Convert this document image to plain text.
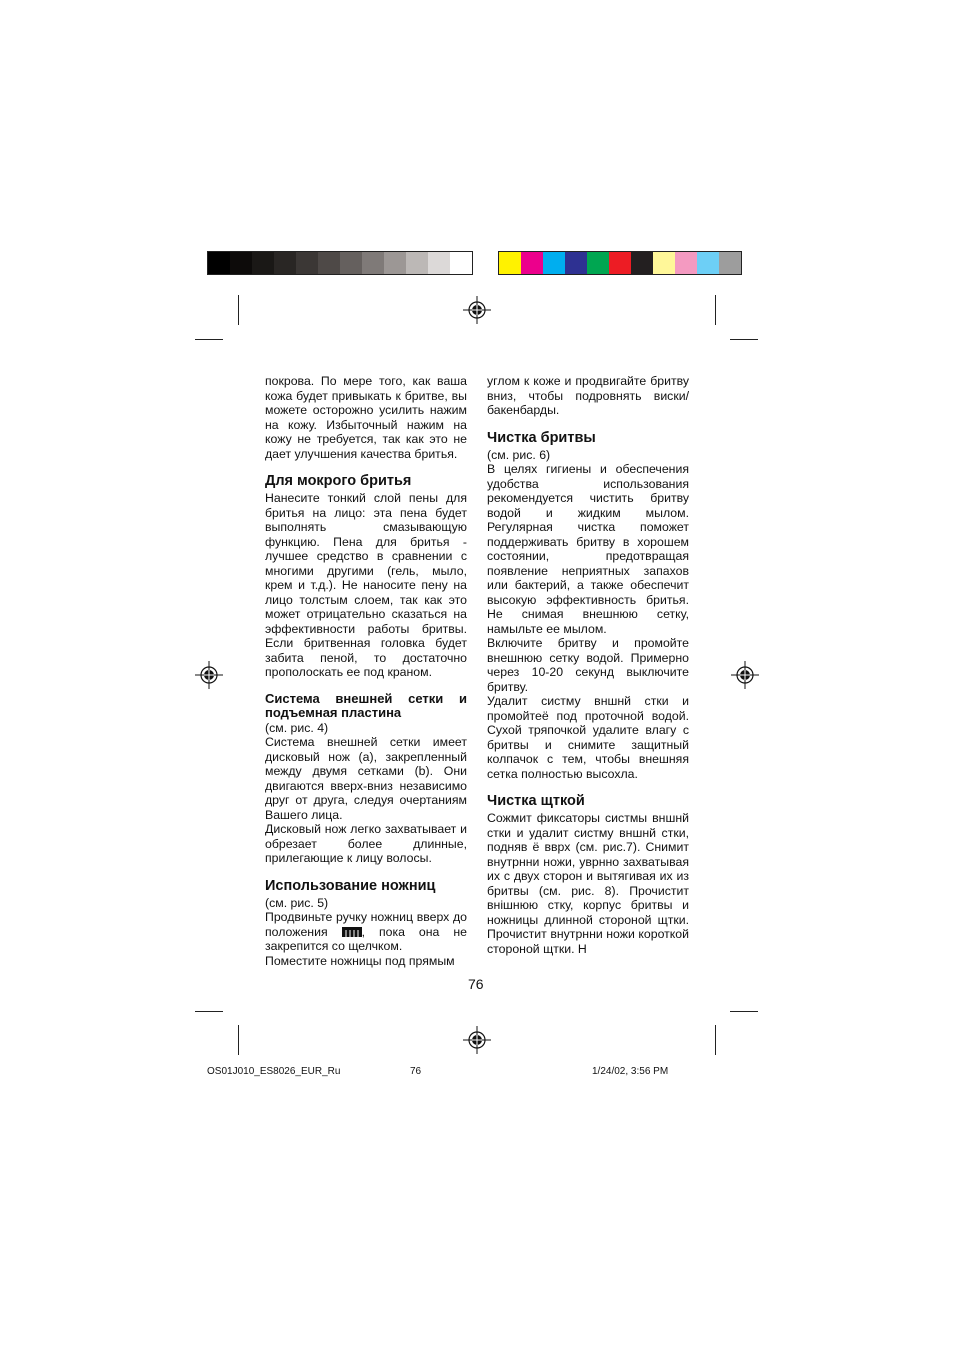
покрова. По мере того, как ваша кожа будет привыкать к бритве, вы можете осторожно усилить нажим на кожу. Избыточный нажим на кожу не требуется, так как это не дает улучшения качества бритья.

Для мокрого бритья

Нанесите тонкий слой пены для бритья на лицо: эта пена будет выполнять смазывающую функцию. Пена для бритья - лучшее средство в сравнении с многими другими (гель, мыло, крем и т.д.). Не наносите пену на лицо толстым слоем, так как это может отрицательно сказаться на эффективности работы бритвы. Если бритвенная головка будет забита пеной, то достаточно прополоскать ее под краном.

Система внешней сетки и подъемная пластина

(см. рис. 4)

Система внешней сетки имеет дисковый нож (a), закрепленный между двумя сетками (b). Они двигаются вверх-вниз независимо друг от друга, следуя очертаниям Вашего лица.

Дисковый нож легко захватывает и обрезает более длинные, прилегающие к лицу волосы.

Использование ножниц

(см. рис. 5)

Продвиньте ручку ножниц вверх до положения	, пока она не закрепится со щелчком.

Поместите ножницы под прямым

углом к коже и продвигайте бритву вниз, чтобы подровнять виски/ бакенбарды.

Чистка бритвы

(см. рис. 6)

В целях гигиены и обеспечения удобства использования рекомендуется чистить бритву водой и жидким мылом. Регулярная чистка поможет поддерживать бритву в хорошем состоянии, предотвращая появление неприятных запахов или бактерий, а также обеспечит высокую эффективность бритья. Не снимая внешнюю сетку, намыльте ее мылом.

Включите бритву и промойте внешнюю сетку водой. Примерно через 10-20 секунд выключите бритву.

Удалит систму вншнй стки и промойтеё под проточной водой. Сухой тряпочкой удалите влагу с бритвы и снимите защитный колпачок с тем, чтобы внешняя сетка полностью высохла.

Чистка щткой

Сожмит фиксаторы систмы вншнй стки и удалит систму вншнй стки, подняв ё вврх (см. рис.7). Снимит внутрнни ножи, уврнно захватывая их с двух сторон и вытягивая их из бритвы (см. рис. 8). Прочистит внішнюю стку, корпус бритвы и ножницы длинной стороной щтки. Прочистит внутрнни ножи короткой стороной щтки. Н

76
OS01J010_ES8026_EUR_Ru	76	1/24/02, 3:56 PM
